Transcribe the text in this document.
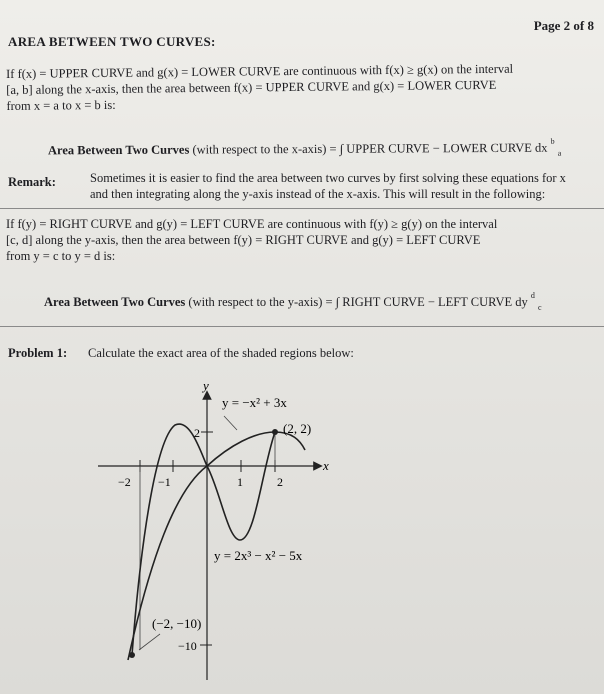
Page 2 of 8
AREA BETWEEN TWO CURVES:
If f(x) = UPPER CURVE and g(x) = LOWER CURVE are continuous with f(x) ≥ g(x) on the interval
[a, b] along the x-axis, then the area between f(x) = UPPER CURVE and g(x) = LOWER CURVE
from x = a to x = b is:
Area Between Two Curves (with respect to the x-axis) = ∫ UPPER CURVE − LOWER CURVE dx $^b$ $_a$
Remark:	Sometimes it is easier to find the area between two curves by first solving these equations for x
and then integrating along the y-axis instead of the x-axis. This will result in the following:
If f(y) = RIGHT CURVE and g(y) = LEFT CURVE are continuous with f(y) ≥ g(y) on the interval
[c, d] along the y-axis, then the area between f(y) = RIGHT CURVE and g(y) = LEFT CURVE
from y = c to y = d is:
Area Between Two Curves (with respect to the y-axis) = ∫ RIGHT CURVE − LEFT CURVE dy $^d$ $_c$
Problem 1: Calculate the exact area of the shaded regions below:
x
y
−2 −1	1	2
2
−10
y = −x² + 3x
(2, 2)
y = 2x³ − x² − 5x
(−2, −10)
